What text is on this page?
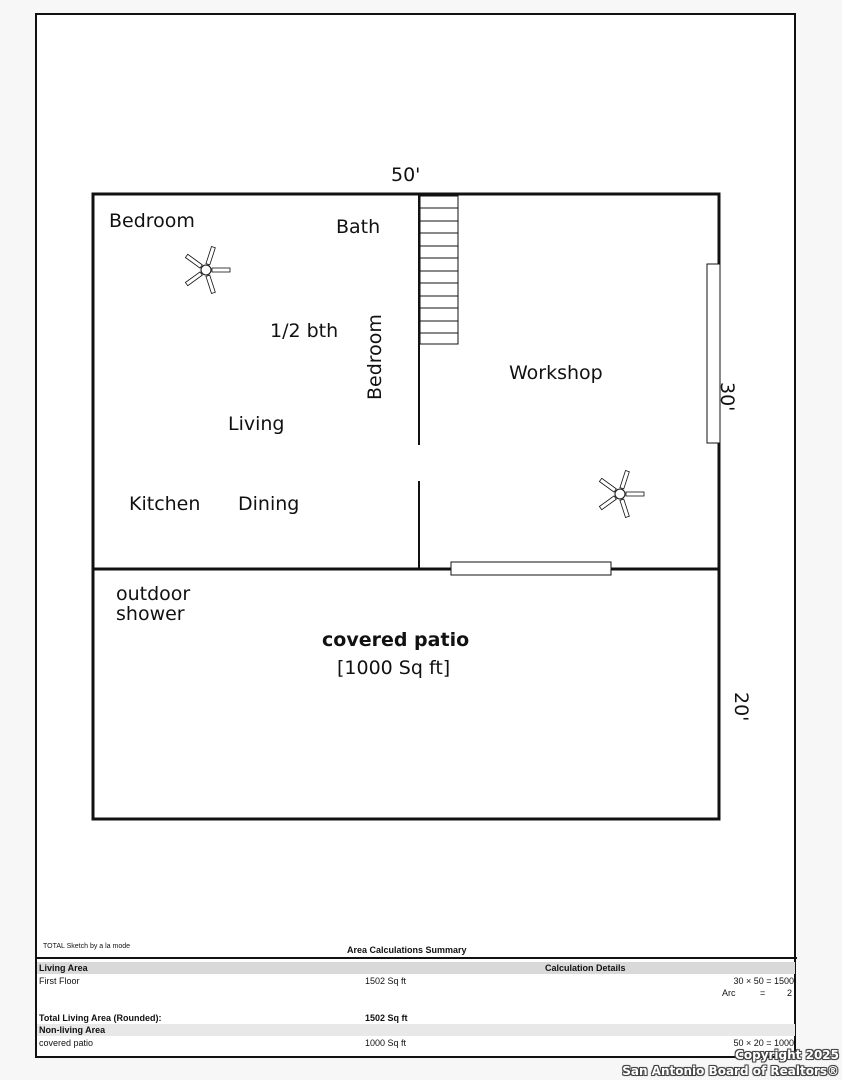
50'
30'
20'
Bedroom	Bath
1/2 bth Bedroom
Living
Kitchen Dining
Workshop
outdoor
shower
covered patio
[1000 Sq ft]
TOTAL Sketch by a la mode	Area Calculations Summary
Living Area	Calculation Details
First Floor	1502 Sq ft	30 × 50 = 1500
Arc	= 2
Total Living Area (Rounded):	1502 Sq ft
Non-living Area
covered patio	1000 Sq ft	50 × 20 = 1000
Copyright 2025
San Antonio Board of Realtors®
